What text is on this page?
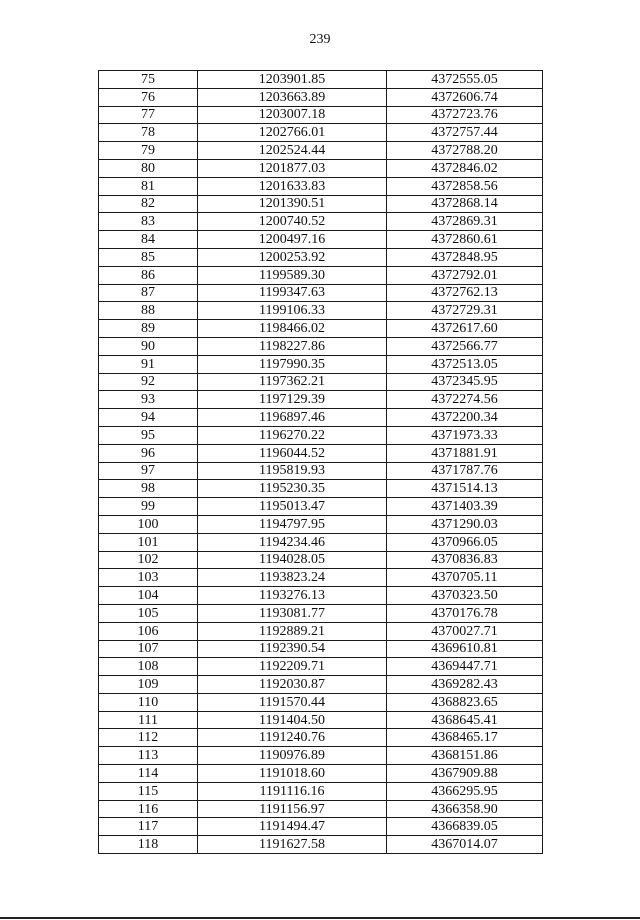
239
75	1203901.85	4372555.05
76	1203663.89	4372606.74
77	1203007.18	4372723.76
78	1202766.01	4372757.44
79	1202524.44	4372788.20
80	1201877.03	4372846.02
81	1201633.83	4372858.56
82	1201390.51	4372868.14
83	1200740.52	4372869.31
84	1200497.16	4372860.61
85	1200253.92	4372848.95
86	1199589.30	4372792.01
87	1199347.63	4372762.13
88	1199106.33	4372729.31
89	1198466.02	4372617.60
90	1198227.86	4372566.77
91	1197990.35	4372513.05
92	1197362.21	4372345.95
93	1197129.39	4372274.56
94	1196897.46	4372200.34
95	1196270.22	4371973.33
96	1196044.52	4371881.91
97	1195819.93	4371787.76
98	1195230.35	4371514.13
99	1195013.47	4371403.39
100	1194797.95	4371290.03
101	1194234.46	4370966.05
102	1194028.05	4370836.83
103	1193823.24	4370705.11
104	1193276.13	4370323.50
105	1193081.77	4370176.78
106	1192889.21	4370027.71
107	1192390.54	4369610.81
108	1192209.71	4369447.71
109	1192030.87	4369282.43
110	1191570.44	4368823.65
111	1191404.50	4368645.41
112	1191240.76	4368465.17
113	1190976.89	4368151.86
114	1191018.60	4367909.88
115	1191116.16	4366295.95
116	1191156.97	4366358.90
117	1191494.47	4366839.05
118	1191627.58	4367014.07
